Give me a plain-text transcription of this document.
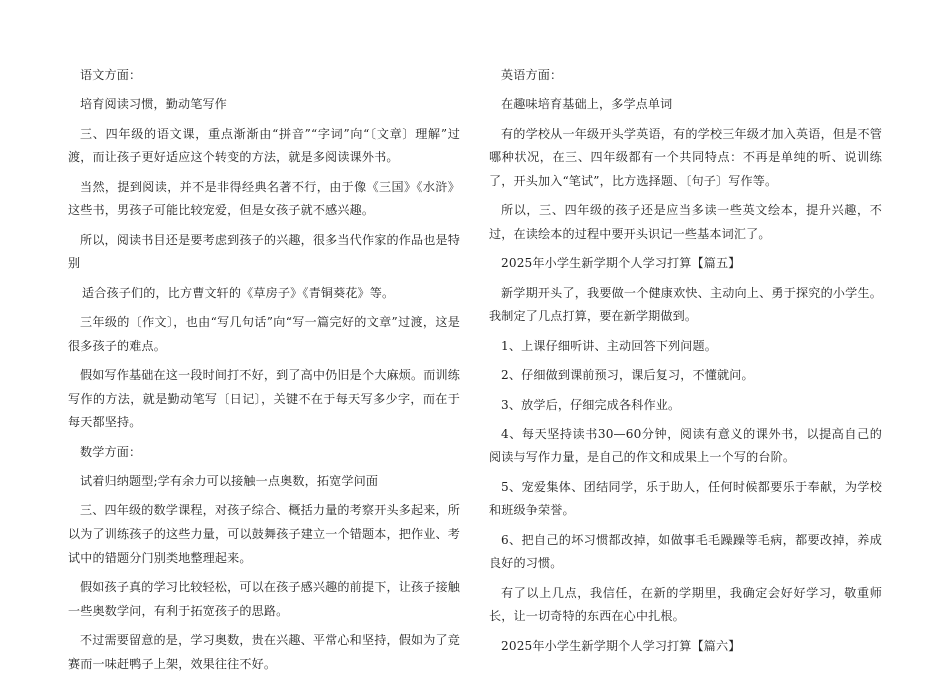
语文方面：

培育阅读习惯，勤动笔写作

三、四年级的语文课，重点渐渐由“拼音”“字词”向“〔文章〕理解”过渡，而让孩子更好适应这个转变的方法，就是多阅读课外书。

当然，提到阅读，并不是非得经典名著不行，由于像《三国》《水浒》这些书，男孩子可能比较宠爱，但是女孩子就不感兴趣。

所以，阅读书目还是要考虑到孩子的兴趣，很多当代作家的作品也是特别

适合孩子们的，比方曹文轩的《草房子》《青铜葵花》等。

三年级的〔作文〕，也由“写几句话”向“写一篇完好的文章”过渡，这是很多孩子的难点。

假如写作基础在这一段时间打不好，到了高中仍旧是个大麻烦。而训练写作的方法，就是勤动笔写〔日记〕，关键不在于每天写多少字，而在于每天都坚持。

数学方面：

试着归纳题型;学有余力可以接触一点奥数，拓宽学问面

三、四年级的数学课程，对孩子综合、概括力量的考察开头多起来，所以为了训练孩子的这些力量，可以鼓舞孩子建立一个错题本，把作业、考试中的错题分门别类地整理起来。

假如孩子真的学习比较轻松，可以在孩子感兴趣的前提下，让孩子接触一些奥数学问，有利于拓宽孩子的思路。

不过需要留意的是，学习奥数，贵在兴趣、平常心和坚持，假如为了竞赛而一味赶鸭子上架，效果往往不好。

英语方面：

在趣味培育基础上，多学点单词

有的学校从一年级开头学英语，有的学校三年级才加入英语，但是不管哪种状况，在三、四年级都有一个共同特点：不再是单纯的听、说训练了，开头加入“笔试”，比方选择题、〔句子〕写作等。

所以，三、四年级的孩子还是应当多读一些英文绘本，提升兴趣，不过，在读绘本的过程中要开头识记一些基本词汇了。

2025年小学生新学期个人学习打算【篇五】

新学期开头了，我要做一个健康欢快、主动向上、勇于探究的小学生。我制定了几点打算，要在新学期做到。

1、上课仔细听讲、主动回答下列问题。

2、仔细做到课前预习，课后复习，不懂就问。

3、放学后，仔细完成各科作业。

4、每天坚持读书30—60分钟，阅读有意义的课外书，以提高自己的阅读与写作力量，是自己的作文和成果上一个写的台阶。

5、宠爱集体、团结同学，乐于助人，任何时候都要乐于奉献，为学校和班级争荣誉。

6、把自己的坏习惯都改掉，如做事毛毛躁躁等毛病，都要改掉，养成良好的习惯。

有了以上几点，我信任，在新的学期里，我确定会好好学习，敬重师长，让一切奇特的东西在心中扎根。

2025年小学生新学期个人学习打算【篇六】
